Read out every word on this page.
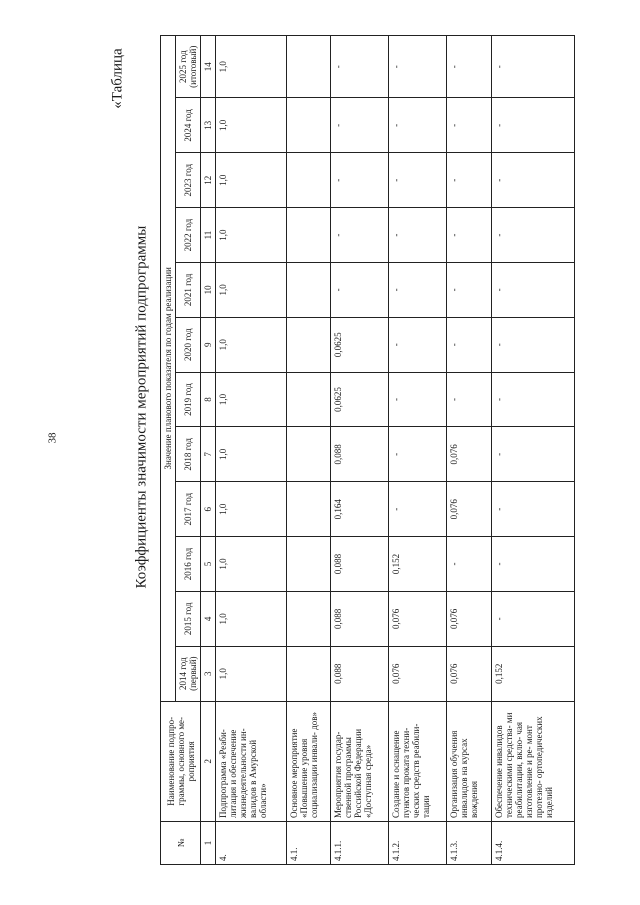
38
«Таблица
Коэффициенты значимости мероприятий подпрограммы
№	Наименование подпро- граммы, основного ме- роприятия	Значение планового показателя по годам реализации											
		2014 год (первый)	2015 год	2016 год	2017 год	2018 год	2019 год	2020 год	2021 год	2022 год	2023 год	2024 год	2025 год (итоговый)
1	2	3	4	5	6	7	8	9	10	11	12	13	14
4.	Подпрограмма «Реаби- литация и обеспечение жизнедеятельности ин- валидов в Амурской области»	1,0	1,0	1,0	1,0	1,0	1,0	1,0	1,0	1,0	1,0	1,0	1,0
4.1.	Основное мероприятие «Повышение уровня социализации инвали- дов»												
4.1.1.	Мероприятия государ- ственной программы Российской Федерации «Доступная среда»	0,088	0,088	0,088	0,164	0,088	0,0625	0,0625	-	-	-	-	-
4.1.2.	Создание и оснащение пунктов проката техни- ческих средств реабили- тации	0,076	0,076	0,152	-	-	-	-	-	-	-	-	-
4.1.3.	Организация обучения инвалидов на курсах вождения	0,076	0,076	-	0,076	0,076	-	-	-	-	-	-	-
4.1.4.	Обеспечение инвалидов техническими средства- ми реабилитации, вклю- чая изготовление и ре- монт протезно- ортопедических изделий	0,152	-	-	-	-	-	-	-	-	-	-	-
